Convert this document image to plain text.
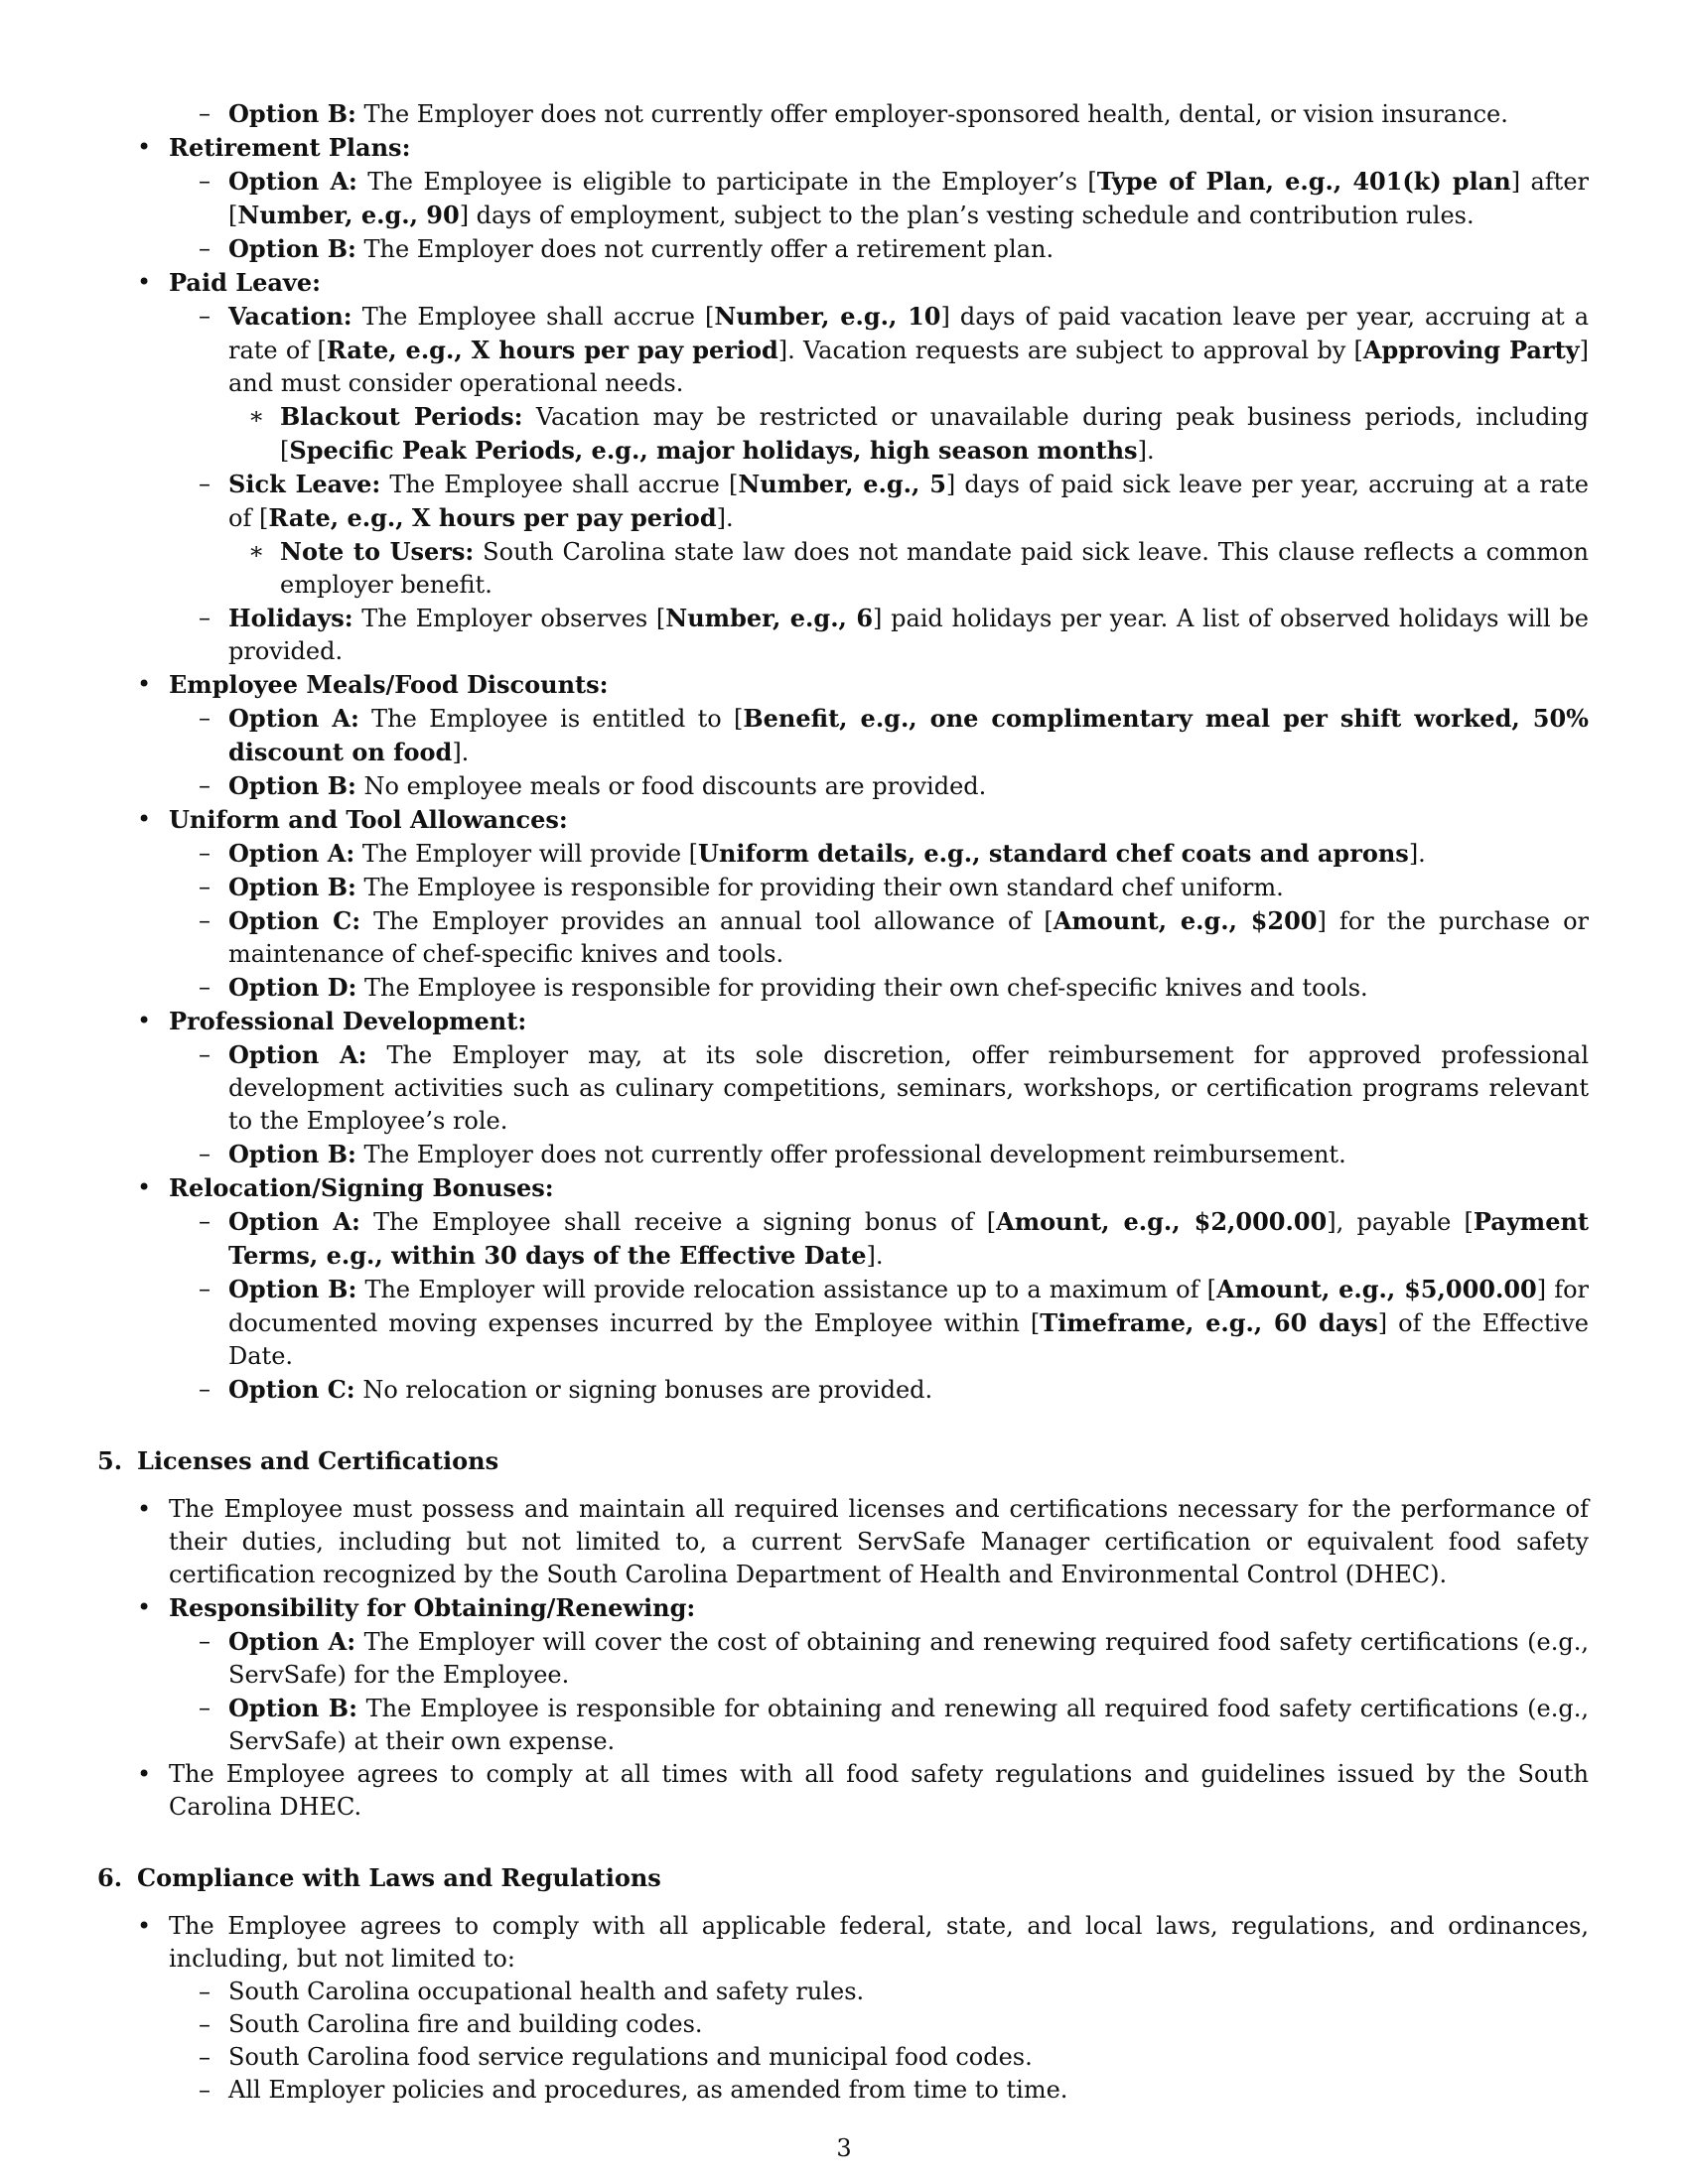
– Option B: The Employer does not currently offer employer-sponsored health, dental, or vision insurance.
• Retirement Plans:
– Option A: The Employee is eligible to participate in the Employer’s [Type of Plan, e.g., 401(k) plan] after [Number, e.g., 90] days of employment, subject to the plan’s vesting schedule and contribution rules.
– Option B: The Employer does not currently offer a retirement plan.
• Paid Leave:
– Vacation: The Employee shall accrue [Number, e.g., 10] days of paid vacation leave per year, accruing at a rate of [Rate, e.g., X hours per pay period]. Vacation requests are subject to approval by [Approving Party] and must consider operational needs.
∗ Blackout Periods: Vacation may be restricted or unavailable during peak business periods, including [Specific Peak Periods, e.g., major holidays, high season months].
– Sick Leave: The Employee shall accrue [Number, e.g., 5] days of paid sick leave per year, accruing at a rate of [Rate, e.g., X hours per pay period].
∗ Note to Users: South Carolina state law does not mandate paid sick leave. This clause reflects a common employer benefit.
– Holidays: The Employer observes [Number, e.g., 6] paid holidays per year. A list of observed holidays will be provided.
• Employee Meals/Food Discounts:
– Option A: The Employee is entitled to [Benefit, e.g., one complimentary meal per shift worked, 50% discount on food].
– Option B: No employee meals or food discounts are provided.
• Uniform and Tool Allowances:
– Option A: The Employer will provide [Uniform details, e.g., standard chef coats and aprons].
– Option B: The Employee is responsible for providing their own standard chef uniform.
– Option C: The Employer provides an annual tool allowance of [Amount, e.g., $200] for the purchase or maintenance of chef-specific knives and tools.
– Option D: The Employee is responsible for providing their own chef-specific knives and tools.
• Professional Development:
– Option A: The Employer may, at its sole discretion, offer reimbursement for approved professional development activities such as culinary competitions, seminars, workshops, or certification programs relevant to the Employee’s role.
– Option B: The Employer does not currently offer professional development reimbursement.
• Relocation/Signing Bonuses:
– Option A: The Employee shall receive a signing bonus of [Amount, e.g., $2,000.00], payable [Payment Terms, e.g., within 30 days of the Effective Date].
– Option B: The Employer will provide relocation assistance up to a maximum of [Amount, e.g., $5,000.00] for documented moving expenses incurred by the Employee within [Timeframe, e.g., 60 days] of the Effective Date.
– Option C: No relocation or signing bonuses are provided.
5. Licenses and Certifications
• The Employee must possess and maintain all required licenses and certifications necessary for the performance of their duties, including but not limited to, a current ServSafe Manager certification or equivalent food safety certification recognized by the South Carolina Department of Health and Environmental Control (DHEC).
• Responsibility for Obtaining/Renewing:
– Option A: The Employer will cover the cost of obtaining and renewing required food safety certifications (e.g., ServSafe) for the Employee.
– Option B: The Employee is responsible for obtaining and renewing all required food safety certifications (e.g., ServSafe) at their own expense.
• The Employee agrees to comply at all times with all food safety regulations and guidelines issued by the South Carolina DHEC.
6. Compliance with Laws and Regulations
• The Employee agrees to comply with all applicable federal, state, and local laws, regulations, and ordinances, including, but not limited to:
– South Carolina occupational health and safety rules.
– South Carolina fire and building codes.
– South Carolina food service regulations and municipal food codes.
– All Employer policies and procedures, as amended from time to time.
3
